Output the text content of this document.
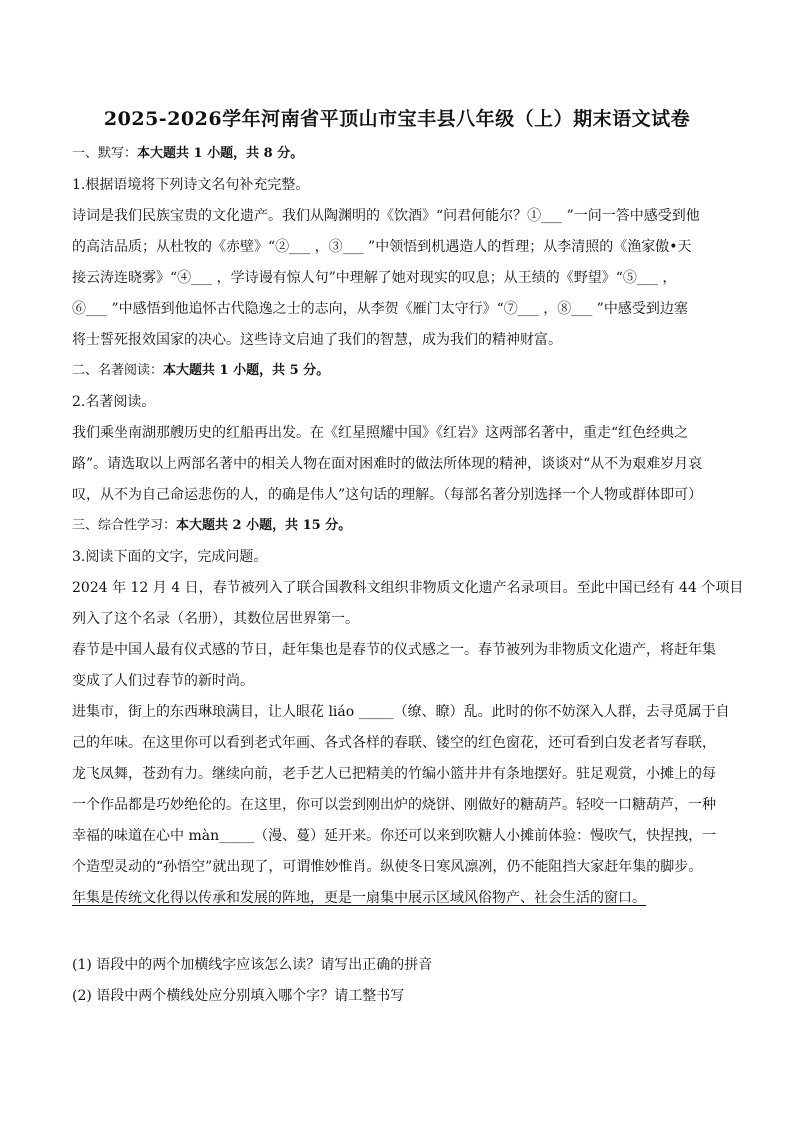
2025-2026学年河南省平顶山市宝丰县八年级（上）期末语文试卷
一、默写：本大题共 1 小题，共 8 分。
1.根据语境将下列诗文名句补充完整。
诗词是我们民族宝贵的文化遗产。我们从陶渊明的《饮酒》“问君何能尔？①___ ”一问一答中感受到他
的高洁品质；从杜牧的《赤壁》“②___ ，③___ ”中领悟到机遇造人的哲理；从李清照的《渔家傲•天
接云涛连晓雾》“④___ ，学诗谩有惊人句”中理解了她对现实的叹息；从王绩的《野望》“⑤___ ，
⑥___ ”中感悟到他追怀古代隐逸之士的志向，从李贺《雁门太守行》“⑦___ ，⑧___ ”中感受到边塞
将士誓死报效国家的决心。这些诗文启迪了我们的智慧，成为我们的精神财富。
二、名著阅读：本大题共 1 小题，共 5 分。
2.名著阅读。
我们乘坐南湖那艘历史的红船再出发。在《红星照耀中国》《红岩》这两部名著中，重走“红色经典之
路”。请选取以上两部名著中的相关人物在面对困难时的做法所体现的精神，谈谈对“从不为艰难岁月哀
叹，从不为自己命运悲伤的人，的确是伟人”这句话的理解。（每部名著分别选择一个人物或群体即可）
三、综合性学习：本大题共 2 小题，共 15 分。
3.阅读下面的文字，完成问题。
2024 年 12 月 4 日，春节被列入了联合国教科文组织非物质文化遗产名录项目。至此中国已经有 44 个项目
列入了这个名录（名册），其数位居世界第一。
春节是中国人最有仪式感的节日，赶年集也是春节的仪式感之一。春节被列为非物质文化遗产，将赶年集
变成了人们过春节的新时尚。
进集市，街上的东西琳琅满目，让人眼花 liáo _____（缭、瞭）乱。此时的你不妨深入人群，去寻觅属于自
己的年味。在这里你可以看到老式年画、各式各样的春联、镂空的红色窗花，还可看到白发老者写春联，
龙飞凤舞，苍劲有力。继续向前，老手艺人已把精美的竹编小篮井井有条地摆好。驻足观赏，小摊上的每
一个作品都是巧妙绝伦的。在这里，你可以尝到刚出炉的烧饼、刚做好的糖葫芦。轻咬一口糖葫芦，一种
幸福的味道在心中 màn_____（漫、蔓）延开来。你还可以来到吹糖人小摊前体验：慢吹气，快捏拽，一
个造型灵动的“孙悟空”就出现了，可谓惟妙惟肖。纵使冬日寒风凛冽，仍不能阻挡大家赶年集的脚步。
年集是传统文化得以传承和发展的阵地，更是一扇集中展示区域风俗物产、社会生活的窗口。
(1) 语段中的两个加横线字应该怎么读？请写出正确的拼音
(2) 语段中两个横线处应分别填入哪个字？请工整书写
